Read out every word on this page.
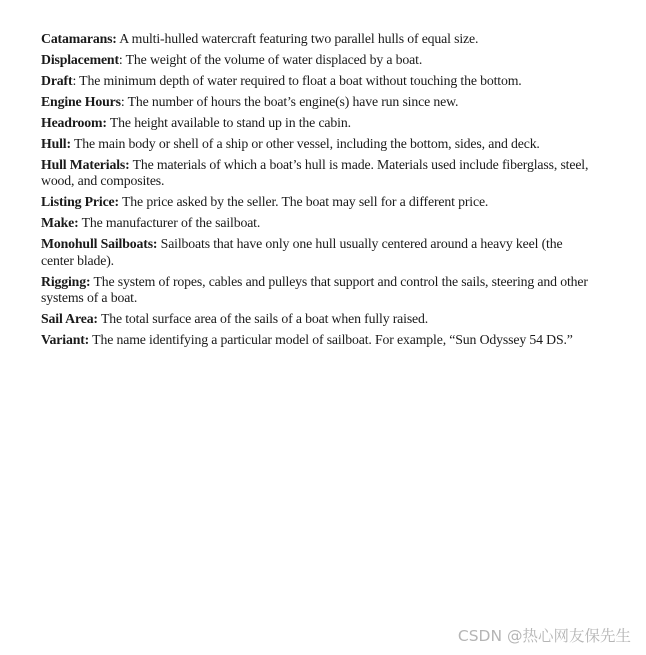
Catamarans: A multi-hulled watercraft featuring two parallel hulls of equal size.

Displacement: The weight of the volume of water displaced by a boat.

Draft: The minimum depth of water required to float a boat without touching the bottom.

Engine Hours: The number of hours the boat’s engine(s) have run since new.

Headroom: The height available to stand up in the cabin.

Hull: The main body or shell of a ship or other vessel, including the bottom, sides, and deck.

Hull Materials: The materials of which a boat’s hull is made. Materials used include fiberglass, steel, wood, and composites.

Listing Price: The price asked by the seller. The boat may sell for a different price.

Make: The manufacturer of the sailboat.

Monohull Sailboats: Sailboats that have only one hull usually centered around a heavy keel (the center blade).

Rigging: The system of ropes, cables and pulleys that support and control the sails, steering and other systems of a boat.

Sail Area: The total surface area of the sails of a boat when fully raised.

Variant: The name identifying a particular model of sailboat. For example, “Sun Odyssey 54 DS.”

CSDN @热心网友保先生
